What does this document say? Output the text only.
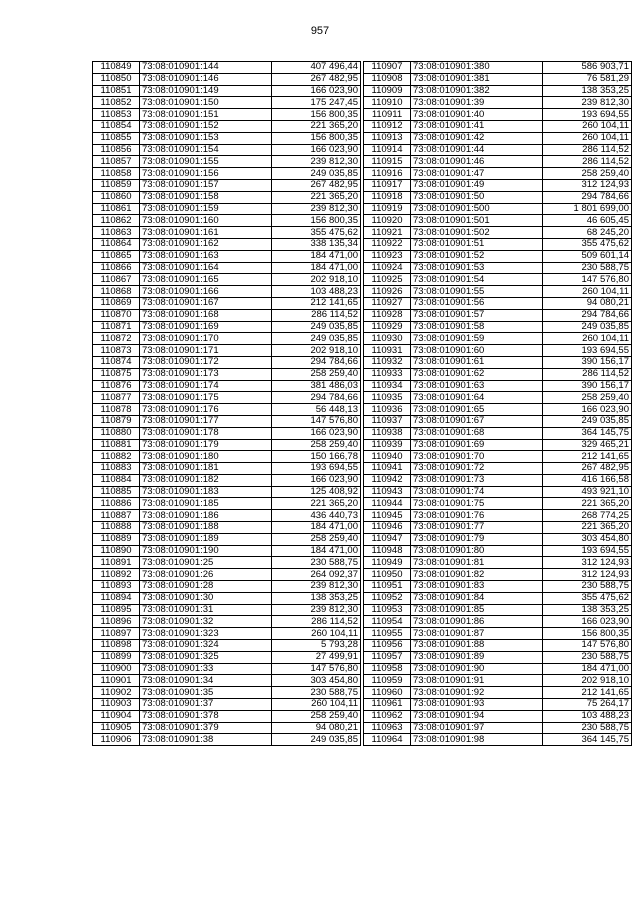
957
110849	73:08:010901:144	407 496,44
110850	73:08:010901:146	267 482,95
110851	73:08:010901:149	166 023,90
110852	73:08:010901:150	175 247,45
110853	73:08:010901:151	156 800,35
110854	73:08:010901:152	221 365,20
110855	73:08:010901:153	156 800,35
110856	73:08:010901:154	166 023,90
110857	73:08:010901:155	239 812,30
110858	73:08:010901:156	249 035,85
110859	73:08:010901:157	267 482,95
110860	73:08:010901:158	221 365,20
110861	73:08:010901:159	239 812,30
110862	73:08:010901:160	156 800,35
110863	73:08:010901:161	355 475,62
110864	73:08:010901:162	338 135,34
110865	73:08:010901:163	184 471,00
110866	73:08:010901:164	184 471,00
110867	73:08:010901:165	202 918,10
110868	73:08:010901:166	103 488,23
110869	73:08:010901:167	212 141,65
110870	73:08:010901:168	286 114,52
110871	73:08:010901:169	249 035,85
110872	73:08:010901:170	249 035,85
110873	73:08:010901:171	202 918,10
110874	73:08:010901:172	294 784,66
110875	73:08:010901:173	258 259,40
110876	73:08:010901:174	381 486,03
110877	73:08:010901:175	294 784,66
110878	73:08:010901:176	56 448,13
110879	73:08:010901:177	147 576,80
110880	73:08:010901:178	166 023,90
110881	73:08:010901:179	258 259,40
110882	73:08:010901:180	150 166,78
110883	73:08:010901:181	193 694,55
110884	73:08:010901:182	166 023,90
110885	73:08:010901:183	125 408,92
110886	73:08:010901:185	221 365,20
110887	73:08:010901:186	436 440,73
110888	73:08:010901:188	184 471,00
110889	73:08:010901:189	258 259,40
110890	73:08:010901:190	184 471,00
110891	73:08:010901:25	230 588,75
110892	73:08:010901:26	264 092,37
110893	73:08:010901:28	239 812,30
110894	73:08:010901:30	138 353,25
110895	73:08:010901:31	239 812,30
110896	73:08:010901:32	286 114,52
110897	73:08:010901:323	260 104,11
110898	73:08:010901:324	5 793,28
110899	73:08:010901:325	27 499,91
110900	73:08:010901:33	147 576,80
110901	73:08:010901:34	303 454,80
110902	73:08:010901:35	230 588,75
110903	73:08:010901:37	260 104,11
110904	73:08:010901:378	258 259,40
110905	73:08:010901:379	94 080,21
110906	73:08:010901:38	249 035,85
110907	73:08:010901:380	586 903,71
110908	73:08:010901:381	76 581,29
110909	73:08:010901:382	138 353,25
110910	73:08:010901:39	239 812,30
110911	73:08:010901:40	193 694,55
110912	73:08:010901:41	260 104,11
110913	73:08:010901:42	260 104,11
110914	73:08:010901:44	286 114,52
110915	73:08:010901:46	286 114,52
110916	73:08:010901:47	258 259,40
110917	73:08:010901:49	312 124,93
110918	73:08:010901:50	294 784,66
110919	73:08:010901:500	1 801 699,00
110920	73:08:010901:501	46 605,45
110921	73:08:010901:502	68 245,20
110922	73:08:010901:51	355 475,62
110923	73:08:010901:52	509 601,14
110924	73:08:010901:53	230 588,75
110925	73:08:010901:54	147 576,80
110926	73:08:010901:55	260 104,11
110927	73:08:010901:56	94 080,21
110928	73:08:010901:57	294 784,66
110929	73:08:010901:58	249 035,85
110930	73:08:010901:59	260 104,11
110931	73:08:010901:60	193 694,55
110932	73:08:010901:61	390 156,17
110933	73:08:010901:62	286 114,52
110934	73:08:010901:63	390 156,17
110935	73:08:010901:64	258 259,40
110936	73:08:010901:65	166 023,90
110937	73:08:010901:67	249 035,85
110938	73:08:010901:68	364 145,75
110939	73:08:010901:69	329 465,21
110940	73:08:010901:70	212 141,65
110941	73:08:010901:72	267 482,95
110942	73:08:010901:73	416 166,58
110943	73:08:010901:74	493 921,10
110944	73:08:010901:75	221 365,20
110945	73:08:010901:76	268 774,25
110946	73:08:010901:77	221 365,20
110947	73:08:010901:79	303 454,80
110948	73:08:010901:80	193 694,55
110949	73:08:010901:81	312 124,93
110950	73:08:010901:82	312 124,93
110951	73:08:010901:83	230 588,75
110952	73:08:010901:84	355 475,62
110953	73:08:010901:85	138 353,25
110954	73:08:010901:86	166 023,90
110955	73:08:010901:87	156 800,35
110956	73:08:010901:88	147 576,80
110957	73:08:010901:89	230 588,75
110958	73:08:010901:90	184 471,00
110959	73:08:010901:91	202 918,10
110960	73:08:010901:92	212 141,65
110961	73:08:010901:93	75 264,17
110962	73:08:010901:94	103 488,23
110963	73:08:010901:97	230 588,75
110964	73:08:010901:98	364 145,75
